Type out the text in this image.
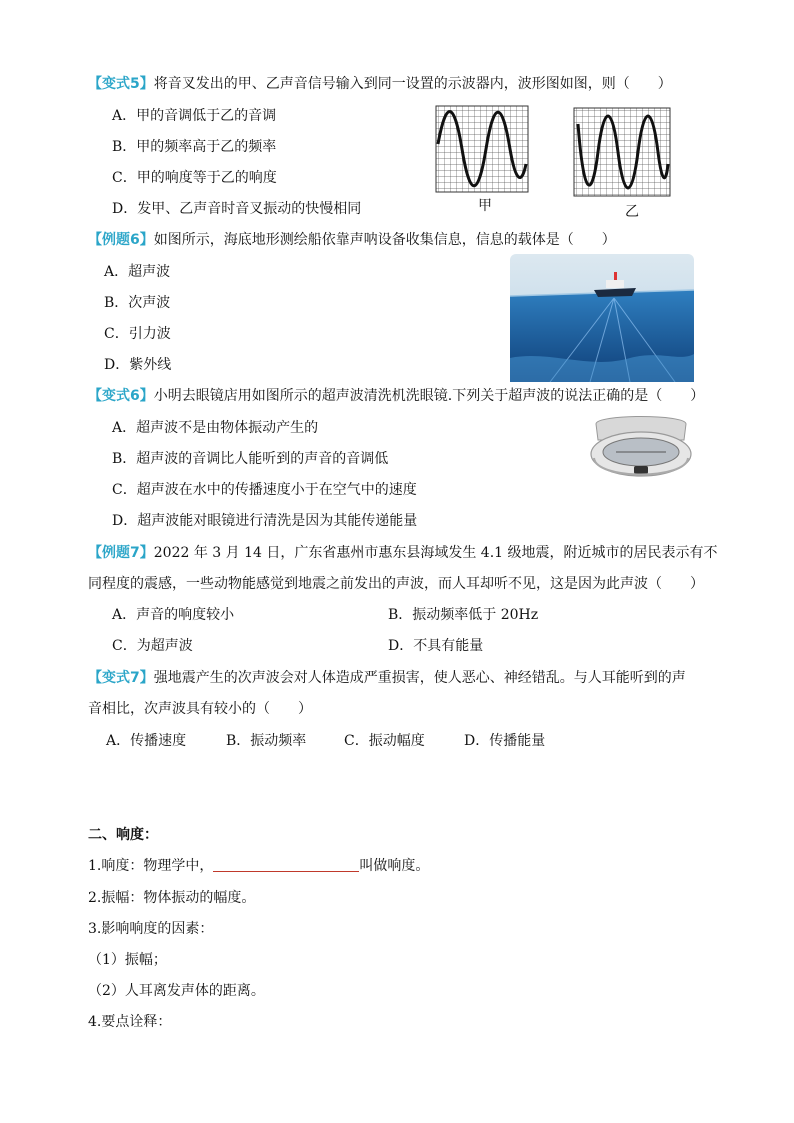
【变式5】将音叉发出的甲、乙声音信号输入到同一设置的示波器内，波形图如图，则（　　）
A．甲的音调低于乙的音调
B．甲的频率高于乙的频率
C．甲的响度等于乙的响度
D．发甲、乙声音时音叉振动的快慢相同	甲	乙
【例题6】如图所示，海底地形测绘船依靠声呐设备收集信息，信息的载体是（　　）
A．超声波
B．次声波
C．引力波
D．紫外线
【变式6】小明去眼镜店用如图所示的超声波清洗机洗眼镜.下列关于超声波的说法正确的是（　　）
A．超声波不是由物体振动产生的
B．超声波的音调比人能听到的声音的音调低
C．超声波在水中的传播速度小于在空气中的速度
D．超声波能对眼镜进行清洗是因为其能传递能量
【例题7】2022 年 3 月 14 日，广东省惠州市惠东县海域发生 4.1 级地震，附近城市的居民表示有不
同程度的震感，一些动物能感觉到地震之前发出的声波，而人耳却听不见，这是因为此声波（　　）
A．声音的响度较小	B．振动频率低于 20Hz
C．为超声波	D．不具有能量
【变式7】强地震产生的次声波会对人体造成严重损害，使人恶心、神经错乱。与人耳能听到的声
音相比，次声波具有较小的（　　）
A．传播速度	B．振动频率	C．振动幅度	D．传播能量
二、响度：
1.响度：物理学中，	叫做响度。
2.振幅：物体振动的幅度。
3.影响响度的因素：
（1）振幅；
（2）人耳离发声体的距离。
4.要点诠释：
